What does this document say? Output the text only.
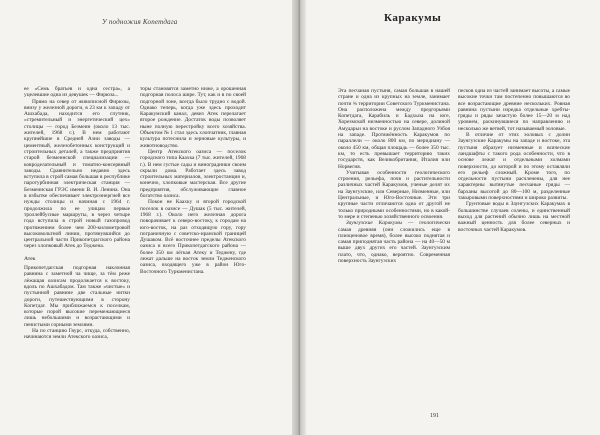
У подножия Копетдага	Каракумы

ее «Семь братьев и одна сестра», а уцелевшие одна из девушек — Фирюза...

Прямо на север от живописной Фирюзы, внизу у железной дороги, в 23 км к западу от Ашхабада, находится его спутник, «стремительный и энергетический цех» столицы — город Безмеин (около 13 тыс. жителей, 1968 г.). В нем работают крупнейшие в Средней Азии заводы — цементный, железобетонных конструкций и строительных деталей, а также предприятия старой безмеинской специализации — ковроделательный и томатно-консервный заводы. Сравнительно недавно здесь вступила в строй самая большая в республике паротурбинная электрическая станция — Безмеинская ГРЭС имени В. И. Ленина. Она в избытке обеспечивает электроэнергией все нужды столицы и начиная с 1964 г. продолжила по ее улицам первые троллейбусные маршруты, в через четыре года вступила в строй новый газопровод протяжением более чем 200-километровой высоковольтной линии, протянувшийся до центральной части Прикопетдагского района через хлопковый Атек до Теджена.

Атек

Прикопетдагская подгорная наклонная равнина с заметной ча чище, за тём реже лёжащая оазисам продолжается к востоку, вдоль по Ашхабадом. Там также «чистые» и пустынной равнине две стальные нитки дороги, путешествующими в сторону Копетдаг. Мы приближаемся к поселкам, которые порой высокие перемежающиеся лишь небольшими и возрастающими и пенистыми сорными землями.

На по станцию Гяурс, откуда, собственно, начинаются земли Атекского оазиса,

торы становятся заметно ниже, а орошенная подгорная полоса шире. Тут, как и в по своей подгорной зоне, всегда было трудно с водой. Однако теперь, когда уже здесь проходит Каракумский канал, девиз Атек перелагает второе рождение. Достаток воды позволяет ныне полную перестройку всего хозяйства. Объектом № 1 стал здесь хлопчатник, главная культура потеснила и зерновые культуры, и животноводство.

Центр Атекского оазиса — поселок городского типа Каахка (7 тыс. жителей, 1968 г.). В нем густые сады и виноградники своим скрыли дома. Работает здесь завод строительных материалов, электростанция и, конечно, хлопковые мастерская. Все другие предприятия, обслуживающие главное богатство оазиса.

Покон не Каахку и второй городской поселок в оазисе — Душак (5 тыс. жителей, 1968 г.). Около него железная дорога поворачивает к северо-востоку, к городам на юго-восток, на раз отходящую гору, гору пограничную с советско-иранской границей Душаком. Всё восточнее пределы Атекского оазиса и всего Прикопетдагского района — более 350 км лёгкая Атеку и Теджену, где лежат дальше на восток земли Тедженского оазиса, входящего уже в район Юго-Восточного Туркменистана.

Эта песчаная пустыня, самая большая в нашей стране и одна из крупных на земле, занимает почти ¾ территории Советского Туркменистана. Она расположена между предгорьями Копетдага, Карабиль и Бадхыза на юге, Хорезмской низменностью на севере, долиной Амударьи на востоке и руслом Западного Узбоя на западе. Протяжённость Каракумов по параллели — около 800 км, по меридиану — около 450 км, общая площадь — более 350 тыс. км, то есть превышает территорию таких государств, как Великобритания, Италия или Норвегия.

Учитывая особенности геологического строения, рельефа, почв и растительности различных частей Каракумов, ученые делят их на Заунгузские, или Северные, Низменные, или Центральные, и Юго-Восточные. Эти три крупные части отличаются одна от другой не только природными особенностями, но в какой-то мере и степенью хозяйственного освоения.

Заунгузские Каракумы — геологически самая древняя (они сложились еще в плиоценовое время), более высоко поднятая и самая приподнятая часть района — на 40—50 м выше двух других его частей. Заунгузским плато, что, однако, вероятно. Современная поверхность Заунгузских

песков одна из частей занимает высоты, а самые высокие точки там постепенно повышаются во все возрастающие древние нескольких. Ровная равнина пустыни изредка отдельные хребты-гряды и ряды зачастую более 15—20 м над уровнем, раскинувшиеся по направлению и несколько же ветвей, тот называемый эоловые.

В отличие от этих эоловых с долин Заунгузские Каракумы на западе и востоке, эта пустыня образует низменные и всяческие ландшафты с такого рода особенности, что в основе лежат и отдельными холмами поверхности, до которой и по этому оставляли его рельеф сложный. Кроме того, по отдельности пустыни расчленены, для нее характерны вытянутые песчаные гряды — барханы высотой до 80—100 м, разделенные такыровыми поверхностями и широко развиты.

Грунтовые воды в Заунгузских Каракумах в большинстве случаев солены, и единственный выход для растений обычно лишь на местной важный ценность для более северных и восточных частей Каракумов.

191
